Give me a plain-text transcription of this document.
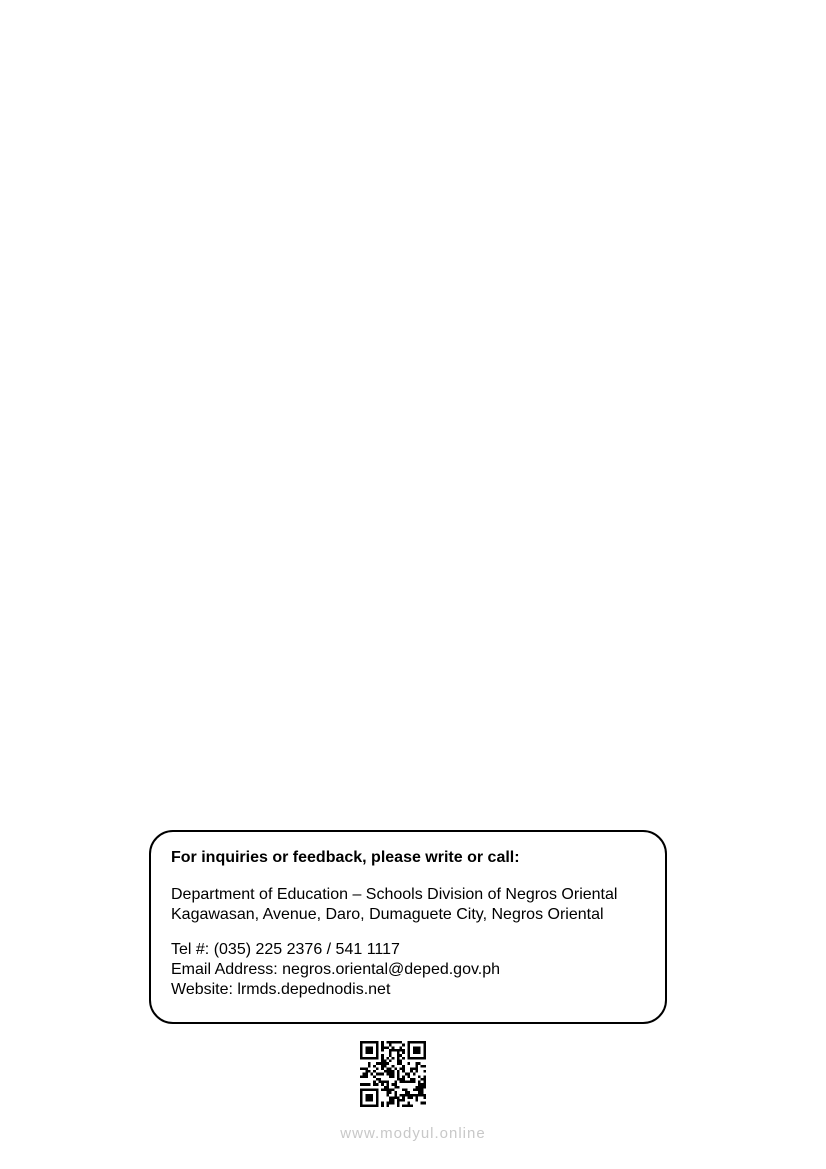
For inquiries or feedback, please write or call:

Department of Education – Schools Division of Negros Oriental
Kagawasan, Avenue, Daro, Dumaguete City, Negros Oriental
Tel #: (035) 225 2376 / 541 1117
Email Address: negros.oriental@deped.gov.ph
Website: lrmds.depednodis.net
www.modyul.online
